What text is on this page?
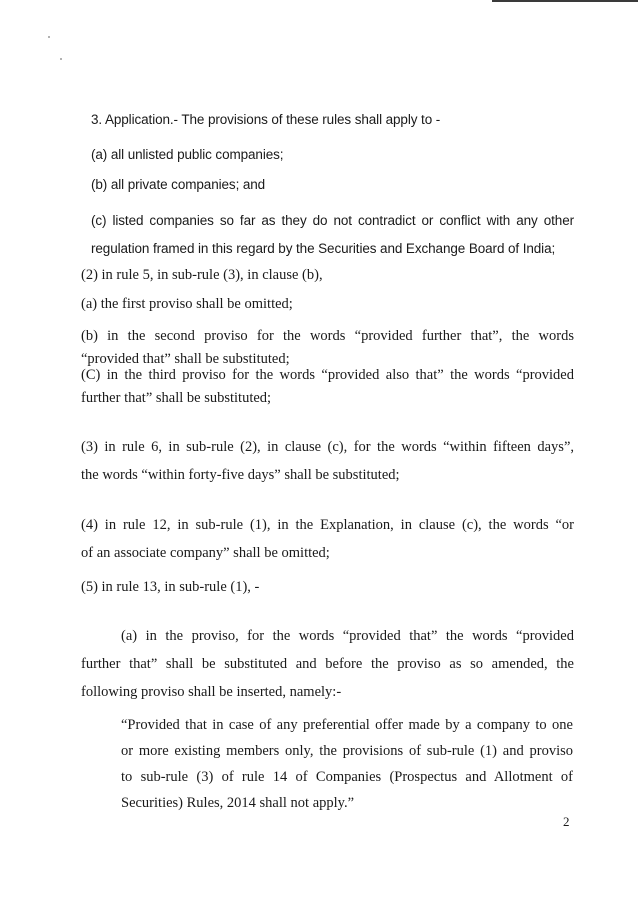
3. Application.- The provisions of these rules shall apply to -
(a) all unlisted public companies;
(b) all private companies; and
(c) listed companies so far as they do not contradict or conflict with any other
regulation framed in this regard by the Securities and Exchange Board of India;
(2) in rule 5, in sub-rule (3), in clause (b),
(a) the first proviso shall be omitted;
(b) in the second proviso for the words “provided further that”, the words
“provided that” shall be substituted;
(C) in the third proviso for the words “provided also that” the words “provided
further that” shall be substituted;
(3) in rule 6, in sub-rule (2), in clause (c), for the words “within fifteen days”,
the words “within forty-five days” shall be substituted;
(4) in rule 12, in sub-rule (1), in the Explanation, in clause (c), the words “or
of an associate company” shall be omitted;
(5) in rule 13, in sub-rule (1), -
(a) in the proviso, for the words “provided that” the words “provided
further that” shall be substituted and before the proviso as so amended, the
following proviso shall be inserted, namely:-
“Provided that in case of any preferential offer made by a company to one
or more existing members only, the provisions of sub-rule (1) and proviso
to sub-rule (3) of rule 14 of Companies (Prospectus and Allotment of
Securities) Rules, 2014 shall not apply.”
2
